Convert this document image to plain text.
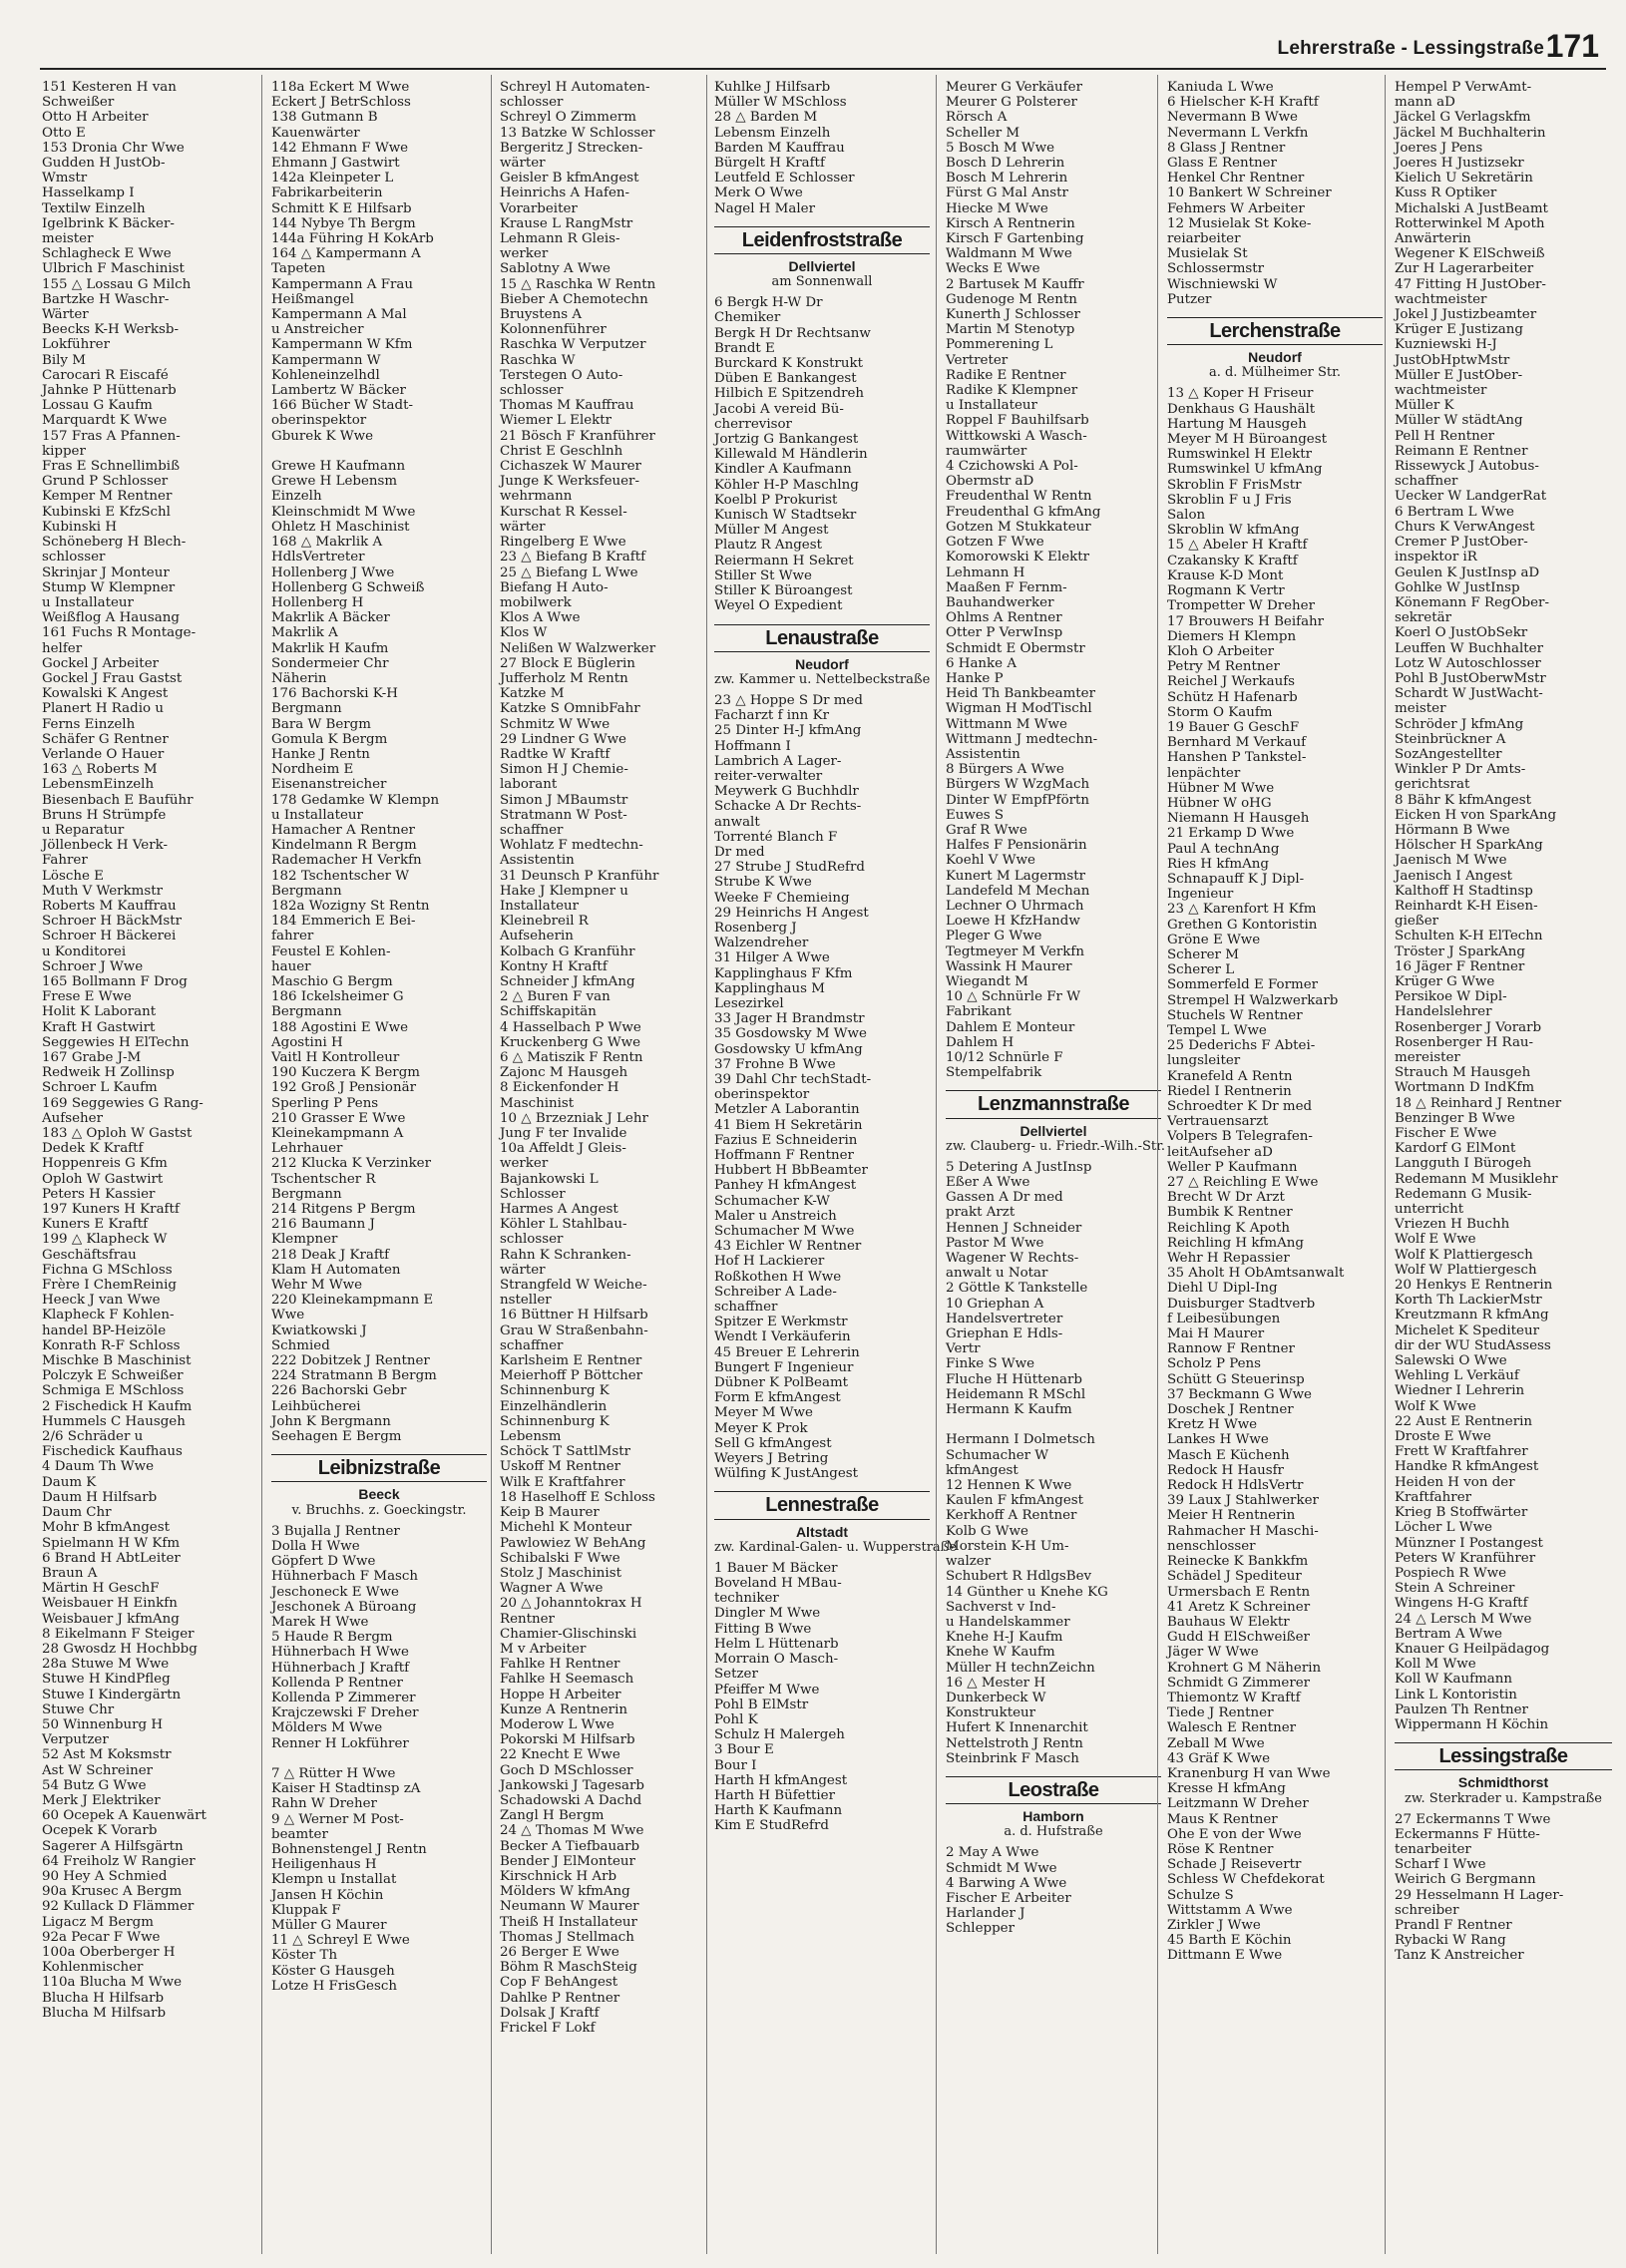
Lehrerstraße - Lessingstraße 171
151 Kesteren H van
Schweißer
Otto H Arbeiter
Otto E
153 Dronia Chr Wwe
Gudden H JustOb-
Wmstr
Hasselkamp I
Textilw Einzelh
Igelbrink K Bäcker-
meister
Schlagheck E Wwe
Ulbrich F Maschinist
155 △ Lossau G Milch
Bartzke H Waschr-
Wärter
Beecks K-H Werksb-
Lokführer
Bily M
Carocari R Eiscafé
Jahnke P Hüttenarb
Lossau G Kaufm
Marquardt K Wwe
157 Fras A Pfannen-
kipper
Fras E Schnellimbiß
Grund P Schlosser
Kemper M Rentner
Kubinski E KfzSchl
Kubinski H
Schöneberg H Blech-
schlosser
Skrinjar J Monteur
Stump W Klempner
u Installateur
Weißflog A Hausang
161 Fuchs R Montage-
helfer
Gockel J Arbeiter
Gockel J Frau Gastst
Kowalski K Angest
Planert H Radio u
Ferns Einzelh
Schäfer G Rentner
Verlande O Hauer
163 △ Roberts M
LebensmEinzelh
Biesenbach E Bauführ
Bruns H Strümpfe
u Reparatur
Jöllenbeck H Verk-
Fahrer
Lösche E
Muth V Werkmstr
Roberts M Kauffrau
Schroer H BäckMstr
Schroer H Bäckerei
u Konditorei
Schroer J Wwe
165 Bollmann F Drog
Frese E Wwe
Holit K Laborant
Kraft H Gastwirt
Seggewies H ElTechn
167 Grabe J-M
Redweik H Zollinsp
Schroer L Kaufm
169 Seggewies G Rang-
Aufseher
183 △ Oploh W Gastst
Dedek K Kraftf
Hoppenreis G Kfm
Oploh W Gastwirt
Peters H Kassier
197 Kuners H Kraftf
Kuners E Kraftf
199 △ Klapheck W
Geschäftsfrau
Fichna G MSchloss
Frère I ChemReinig
Heeck J van Wwe
Klapheck F Kohlen-
handel BP-Heizöle
Konrath R-F Schloss
Mischke B Maschinist
Polczyk E Schweißer
Schmiga E MSchloss
2 Fischedick H Kaufm
Hummels C Hausgeh
2/6 Schräder u
Fischedick Kaufhaus
4 Daum Th Wwe
Daum K
Daum H Hilfsarb
Daum Chr
Mohr B kfmAngest
Spielmann H W Kfm
6 Brand H AbtLeiter
Braun A
Märtin H GeschF
Weisbauer H Einkfn
Weisbauer J kfmAng
8 Eikelmann F Steiger
28 Gwosdz H Hochbbg
28a Stuwe M Wwe
Stuwe H KindPfleg
Stuwe I Kindergärtn
Stuwe Chr
50 Winnenburg H
Verputzer
52 Ast M Koksmstr
Ast W Schreiner
54 Butz G Wwe
Merk J Elektriker
60 Ocepek A Kauenwärt
Ocepek K Vorarb
Sagerer A Hilfsgärtn
64 Freiholz W Rangier
90 Hey A Schmied
90a Krusec A Bergm
92 Kullack D Flämmer
Ligacz M Bergm
92a Pecar F Wwe
100a Oberberger H
Kohlenmischer
110a Blucha M Wwe
Blucha H Hilfsarb
Blucha M Hilfsarb
118a Eckert M Wwe
Eckert J BetrSchloss
138 Gutmann B
Kauenwärter
142 Ehmann F Wwe
Ehmann J Gastwirt
142a Kleinpeter L
Fabrikarbeiterin
Schmitt K E Hilfsarb
144 Nybye Th Bergm
144a Führing H KokArb
164 △ Kampermann A
Tapeten
Kampermann A Frau
Heißmangel
Kampermann A Mal
u Anstreicher
Kampermann W Kfm
Kampermann W
Kohleneinzelhdl
Lambertz W Bäcker
166 Bücher W Stadt-
oberinspektor
Gburek K Wwe

Grewe H Kaufmann
Grewe H Lebensm
Einzelh
Kleinschmidt M Wwe
Ohletz H Maschinist
168 △ Makrlik A
HdlsVertreter
Hollenberg J Wwe
Hollenberg G Schweiß
Hollenberg H
Makrlik A Bäcker
Makrlik A
Makrlik H Kaufm
Sondermeier Chr
Näherin
176 Bachorski K-H
Bergmann
Bara W Bergm
Gomula K Bergm
Hanke J Rentn
Nordheim E
Eisenanstreicher
178 Gedamke W Klempn
u Installateur
Hamacher A Rentner
Kindelmann R Bergm
Rademacher H Verkfn
182 Tschentscher W
Bergmann
182a Wozigny St Rentn
184 Emmerich E Bei-
fahrer
Feustel E Kohlen-
hauer
Maschio G Bergm
186 Ickelsheimer G
Bergmann
188 Agostini E Wwe
Agostini H
Vaitl H Kontrolleur
190 Kuczera K Bergm
192 Groß J Pensionär
Sperling P Pens
210 Grasser E Wwe
Kleinekampmann A
Lehrhauer
212 Klucka K Verzinker
Tschentscher R
Bergmann
214 Ritgens P Bergm
216 Baumann J
Klempner
218 Deak J Kraftf
Klam H Automaten
Wehr M Wwe
220 Kleinekampmann E
Wwe
Kwiatkowski J
Schmied
222 Dobitzek J Rentner
224 Stratmann B Bergm
226 Bachorski Gebr
Leihbücherei
John K Bergmann
Seehagen E Bergm
Leibnizstraße
Beeck
v. Bruchhs. z. Goeckingstr.
3 Bujalla J Rentner
Dolla H Wwe
Göpfert D Wwe
Hühnerbach F Masch
Jeschoneck E Wwe
Jeschonek A Büroang
Marek H Wwe
5 Haude R Bergm
Hühnerbach H Wwe
Hühnerbach J Kraftf
Kollenda P Rentner
Kollenda P Zimmerer
Krajczewski F Dreher
Mölders M Wwe
Renner H Lokführer

7 △ Rütter H Wwe
Kaiser H Stadtinsp zA
Rahn W Dreher
9 △ Werner M Post-
beamter
Bohnenstengel J Rentn
Heiligenhaus H
Klempn u Installat
Jansen H Köchin
Kluppak F
Müller G Maurer
11 △ Schreyl E Wwe
Köster Th
Köster G Hausgeh
Lotze H FrisGesch
Schreyl H Automaten-
schlosser
Schreyl O Zimmerm
13 Batzke W Schlosser
Bergeritz J Strecken-
wärter
Geisler B kfmAngest
Heinrichs A Hafen-
Vorarbeiter
Krause L RangMstr
Lehmann R Gleis-
werker
Sablotny A Wwe
15 △ Raschka W Rentn
Bieber A Chemotechn
Bruystens A
Kolonnenführer
Raschka W Verputzer
Raschka W
Terstegen O Auto-
schlosser
Thomas M Kauffrau
Wiemer L Elektr
21 Bösch F Kranführer
Christ E Geschlnh
Cichaszek W Maurer
Junge K Werksfeuer-
wehrmann
Kurschat R Kessel-
wärter
Ringelberg E Wwe
23 △ Biefang B Kraftf
25 △ Biefang L Wwe
Biefang H Auto-
mobilwerk
Klos A Wwe
Klos W
Nelißen W Walzwerker
27 Block E Büglerin
Jufferholz M Rentn
Katzke M
Katzke S OmnibFahr
Schmitz W Wwe
29 Lindner G Wwe
Radtke W Kraftf
Simon H J Chemie-
laborant
Simon J MBaumstr
Stratmann W Post-
schaffner
Wohlatz F medtechn-
Assistentin
31 Deunsch P Kranführ
Hake J Klempner u
Installateur
Kleinebreil R
Aufseherin
Kolbach G Kranführ
Kontny H Kraftf
Schneider J kfmAng
2 △ Buren F van
Schiffskapitän
4 Hasselbach P Wwe
Kruckenberg G Wwe
6 △ Matiszik F Rentn
Zajonc M Hausgeh
8 Eickenfonder H
Maschinist
10 △ Brzezniak J Lehr
Jung F ter Invalide
10a Affeldt J Gleis-
werker
Bajankowski L
Schlosser
Harmes A Angest
Köhler L Stahlbau-
schlosser
Rahn K Schranken-
wärter
Strangfeld W Weiche-
nsteller
16 Büttner H Hilfsarb
Grau W Straßenbahn-
schaffner
Karlsheim E Rentner
Meierhoff P Böttcher
Schinnenburg K
Einzelhändlerin
Schinnenburg K
Lebensm
Schöck T SattlMstr
Uskoff M Rentner
Wilk E Kraftfahrer
18 Haselhoff E Schloss
Keip B Maurer
Michehl K Monteur
Pawlowiez W BehAng
Schibalski F Wwe
Stolz J Maschinist
Wagner A Wwe
20 △ Johanntokrax H
Rentner
Chamier-Glischinski
M v Arbeiter
Fahlke H Rentner
Fahlke H Seemasch
Hoppe H Arbeiter
Kunze A Rentnerin
Moderow L Wwe
Pokorski M Hilfsarb
22 Knecht E Wwe
Goch D MSchlosser
Jankowski J Tagesarb
Schadowski A Dachd
Zangl H Bergm
24 △ Thomas M Wwe
Becker A Tiefbauarb
Bender J ElMonteur
Kirschnick H Arb
Mölders W kfmAng
Neumann W Maurer
Theiß H Installateur
Thomas J Stellmach
26 Berger E Wwe
Böhm R MaschSteig
Cop F BehAngest
Dahlke P Rentner
Dolsak J Kraftf
Frickel F Lokf
Kuhlke J Hilfsarb
Müller W MSchloss
28 △ Barden M
Lebensm Einzelh
Barden M Kauffrau
Bürgelt H Kraftf
Leutfeld E Schlosser
Merk O Wwe
Nagel H Maler
Leidenfroststraße
Dellviertel
am Sonnenwall
6 Bergk H-W Dr
Chemiker
Bergk H Dr Rechtsanw
Brandt E
Burckard K Konstrukt
Düben E Bankangest
Hilbich E Spitzendreh
Jacobi A vereid Bü-
cherrevisor
Jortzig G Bankangest
Killewald M Händlerin
Kindler A Kaufmann
Köhler H-P Maschlng
Koelbl P Prokurist
Kunisch W Stadtsekr
Müller M Angest
Plautz R Angest
Reiermann H Sekret
Stiller St Wwe
Stiller K Büroangest
Weyel O Expedient
Lenaustraße
Neudorf
zw. Kammer u. Nettelbeckstraße
23 △ Hoppe S Dr med
Facharzt f inn Kr
25 Dinter H-J kfmAng
Hoffmann I
Lambrich A Lager-
reiter-verwalter
Meywerk G Buchhdlr
Schacke A Dr Rechts-
anwalt
Torrenté Blanch F
Dr med
27 Strube J StudRefrd
Strube K Wwe
Weeke F Chemieing
29 Heinrichs H Angest
Rosenberg J
Walzendreher
31 Hilger A Wwe
Kapplinghaus F Kfm
Kapplinghaus M
Lesezirkel
33 Jager H Brandmstr
35 Gosdowsky M Wwe
Gosdowsky U kfmAng
37 Frohne B Wwe
39 Dahl Chr techStadt-
oberinspektor
Metzler A Laborantin
41 Biem H Sekretärin
Fazius E Schneiderin
Hoffmann F Rentner
Hubbert H BbBeamter
Panhey H kfmAngest
Schumacher K-W
Maler u Anstreich
Schumacher M Wwe
43 Eichler W Rentner
Hof H Lackierer
Roßkothen H Wwe
Schreiber A Lade-
schaffner
Spitzer E Werkmstr
Wendt I Verkäuferin
45 Breuer E Lehrerin
Bungert F Ingenieur
Dübner K PolBeamt
Form E kfmAngest
Meyer M Wwe
Meyer K Prok
Sell G kfmAngest
Weyers J Betring
Wülfing K JustAngest
Lennestraße
Altstadt
zw. Kardinal-Galen- u. Wupperstraße
1 Bauer M Bäcker
Boveland H MBau-
techniker
Dingler M Wwe
Fitting B Wwe
Helm L Hüttenarb
Morrain O Masch-
Setzer
Pfeiffer M Wwe
Pohl B ElMstr
Pohl K
Schulz H Malergeh
3 Bour E
Bour I
Harth H kfmAngest
Harth H Büfettier
Harth K Kaufmann
Kim E StudRefrd
Meurer G Verkäufer
Meurer G Polsterer
Rörsch A
Scheller M
5 Bosch M Wwe
Bosch D Lehrerin
Bosch M Lehrerin
Fürst G Mal Anstr
Hiecke M Wwe
Kirsch A Rentnerin
Kirsch F Gartenbing
Waldmann M Wwe
Wecks E Wwe
2 Bartusek M Kauffr
Gudenoge M Rentn
Kunerth J Schlosser
Martin M Stenotyp
Pommerening L
Vertreter
Radike E Rentner
Radike K Klempner
u Installateur
Roppel F Bauhilfsarb
Wittkowski A Wasch-
raumwärter
4 Czichowski A Pol-
Obermstr aD
Freudenthal W Rentn
Freudenthal G kfmAng
Gotzen M Stukkateur
Gotzen F Wwe
Komorowski K Elektr
Lehmann H
Maaßen F Fernm-
Bauhandwerker
Ohlms A Rentner
Otter P VerwInsp
Schmidt E Obermstr
6 Hanke A
Hanke P
Heid Th Bankbeamter
Wigman H ModTischl
Wittmann M Wwe
Wittmann J medtechn-
Assistentin
8 Bürgers A Wwe
Bürgers W WzgMach
Dinter W EmpfPförtn
Euwes S
Graf R Wwe
Halfes F Pensionärin
Koehl V Wwe
Kunert M Lagermstr
Landefeld M Mechan
Lechner O Uhrmach
Loewe H KfzHandw
Pleger G Wwe
Tegtmeyer M Verkfn
Wassink H Maurer
Wiegandt M
10 △ Schnürle Fr W
Fabrikant
Dahlem E Monteur
Dahlem H
10/12 Schnürle F
Stempelfabrik
Lenzmannstraße
Dellviertel
zw. Clauberg- u. Friedr.-Wilh.-Str.
5 Detering A JustInsp
Eßer A Wwe
Gassen A Dr med
prakt Arzt
Hennen J Schneider
Pastor M Wwe
Wagener W Rechts-
anwalt u Notar
2 Göttle K Tankstelle
10 Griephan A
Handelsvertreter
Griephan E Hdls-
Vertr
Finke S Wwe
Fluche H Hüttenarb
Heidemann R MSchl
Hermann K Kaufm

Hermann I Dolmetsch
Schumacher W
kfmAngest
12 Hennen K Wwe
Kaulen F kfmAngest
Kerkhoff A Rentner
Kolb G Wwe
Morstein K-H Um-
walzer
Schubert R HdlgsBev
14 Günther u Knehe KG
Sachverst v Ind-
u Handelskammer
Knehe H-J Kaufm
Knehe W Kaufm
Müller H technZeichn
16 △ Mester H
Dunkerbeck W
Konstrukteur
Hufert K Innenarchit
Nettelstroth J Rentn
Steinbrink F Masch
Leostraße
Hamborn
a. d. Hufstraße
2 May A Wwe
Schmidt M Wwe
4 Barwing A Wwe
Fischer E Arbeiter
Harlander J
Schlepper
Kaniuda L Wwe
6 Hielscher K-H Kraftf
Nevermann B Wwe
Nevermann L Verkfn
8 Glass J Rentner
Glass E Rentner
Henkel Chr Rentner
10 Bankert W Schreiner
Fehmers W Arbeiter
12 Musielak St Koke-
reiarbeiter
Musielak St
Schlossermstr
Wischniewski W
Putzer
Lerchenstraße
Neudorf
a. d. Mülheimer Str.
13 △ Koper H Friseur
Denkhaus G Haushält
Hartung M Hausgeh
Meyer M H Büroangest
Rumswinkel H Elektr
Rumswinkel U kfmAng
Skroblin F FrisMstr
Skroblin F u J Fris
Salon
Skroblin W kfmAng
15 △ Abeler H Kraftf
Czakansky K Kraftf
Krause K-D Mont
Rogmann K Vertr
Trompetter W Dreher
17 Brouwers H Beifahr
Diemers H Klempn
Kloh O Arbeiter
Petry M Rentner
Reichel J Werkaufs
Schütz H Hafenarb
Storm O Kaufm
19 Bauer G GeschF
Bernhard M Verkauf
Hanshen P Tankstel-
lenpächter
Hübner M Wwe
Hübner W oHG
Niemann H Hausgeh
21 Erkamp D Wwe
Paul A technAng
Ries H kfmAng
Schnapauff K J Dipl-
Ingenieur
23 △ Karenfort H Kfm
Grethen G Kontoristin
Gröne E Wwe
Scherer M
Scherer L
Sommerfeld E Former
Strempel H Walzwerkarb
Stuchels W Rentner
Tempel L Wwe
25 Dederichs F Abtei-
lungsleiter
Kranefeld A Rentn
Riedel I Rentnerin
Schroedter K Dr med
Vertrauensarzt
Volpers B Telegrafen-
leitAufseher aD
Weller P Kaufmann
27 △ Reichling E Wwe
Brecht W Dr Arzt
Bumbik K Rentner
Reichling K Apoth
Reichling H kfmAng
Wehr H Repassier
35 Aholt H ObAmtsanwalt
Diehl U Dipl-Ing
Duisburger Stadtverb
f Leibesübungen
Mai H Maurer
Rannow F Rentner
Scholz P Pens
Schütt G Steuerinsp
37 Beckmann G Wwe
Doschek J Rentner
Kretz H Wwe
Lankes H Wwe
Masch E Küchenh
Redock H Hausfr
Redock H HdlsVertr
39 Laux J Stahlwerker
Meier H Rentnerin
Rahmacher H Maschi-
nenschlosser
Reinecke K Bankkfm
Schädel J Spediteur
Urmersbach E Rentn
41 Aretz K Schreiner
Bauhaus W Elektr
Gudd H ElSchweißer
Jäger W Wwe
Krohnert G M Näherin
Schmidt G Zimmerer
Thiemontz W Kraftf
Tiede J Rentner
Walesch E Rentner
Zeball M Wwe
43 Gräf K Wwe
Kranenburg H van Wwe
Kresse H kfmAng
Leitzmann W Dreher
Maus K Rentner
Ohe E von der Wwe
Röse K Rentner
Schade J Reisevertr
Schless W Chefdekorat
Schulze S
Wittstamm A Wwe
Zirkler J Wwe
45 Barth E Köchin
Dittmann E Wwe
Hempel P VerwAmt-
mann aD
Jäckel G Verlagskfm
Jäckel M Buchhalterin
Joeres J Pens
Joeres H Justizsekr
Kielich U Sekretärin
Kuss R Optiker
Michalski A JustBeamt
Rotterwinkel M Apoth
Anwärterin
Wegener K ElSchweiß
Zur H Lagerarbeiter
47 Fitting H JustOber-
wachtmeister
Jokel J Justizbeamter
Krüger E Justizang
Kuzniewski H-J
JustObHptwMstr
Müller E JustOber-
wachtmeister
Müller K
Müller W städtAng
Pell H Rentner
Reimann E Rentner
Rissewyck J Autobus-
schaffner
Uecker W LandgerRat
6 Bertram L Wwe
Churs K VerwAngest
Cremer P JustOber-
inspektor iR
Geulen K JustInsp aD
Gohlke W JustInsp
Könemann F RegOber-
sekretär
Koerl O JustObSekr
Leuffen W Buchhalter
Lotz W Autoschlosser
Pohl B JustOberwMstr
Schardt W JustWacht-
meister
Schröder J kfmAng
Steinbrückner A
SozAngestellter
Winkler P Dr Amts-
gerichtsrat
8 Bähr K kfmAngest
Eicken H von SparkAng
Hörmann B Wwe
Hölscher H SparkAng
Jaenisch M Wwe
Jaenisch I Angest
Kalthoff H Stadtinsp
Reinhardt K-H Eisen-
gießer
Schulten K-H ElTechn
Tröster J SparkAng
16 Jäger F Rentner
Krüger G Wwe
Persikoe W Dipl-
Handelslehrer
Rosenberger J Vorarb
Rosenberger H Rau-
mereister
Strauch M Hausgeh
Wortmann D IndKfm
18 △ Reinhard J Rentner
Benzinger B Wwe
Fischer E Wwe
Kardorf G ElMont
Langguth I Bürogeh
Redemann M Musiklehr
Redemann G Musik-
unterricht
Vriezen H Buchh
Wolf E Wwe
Wolf K Plattiergesch
Wolf W Plattiergesch
20 Henkys E Rentnerin
Korth Th LackierMstr
Kreutzmann R kfmAng
Michelet K Spediteur
dir der WU StudAssess
Salewski O Wwe
Wehling L Verkäuf
Wiedner I Lehrerin
Wolf K Wwe
22 Aust E Rentnerin
Droste E Wwe
Frett W Kraftfahrer
Handke R kfmAngest
Heiden H von der
Kraftfahrer
Krieg B Stoffwärter
Löcher L Wwe
Münzner I Postangest
Peters W Kranführer
Pospiech R Wwe
Stein A Schreiner
Wingens H-G Kraftf
24 △ Lersch M Wwe
Bertram A Wwe
Knauer G Heilpädagog
Koll M Wwe
Koll W Kaufmann
Link L Kontoristin
Paulzen Th Rentner
Wippermann H Köchin
Lessingstraße
Schmidthorst
zw. Sterkrader u. Kampstraße
27 Eckermanns T Wwe
Eckermanns F Hütte-
tenarbeiter
Scharf I Wwe
Weirich G Bergmann
29 Hesselmann H Lager-
schreiber
Prandl F Rentner
Rybacki W Rang
Tanz K Anstreicher
